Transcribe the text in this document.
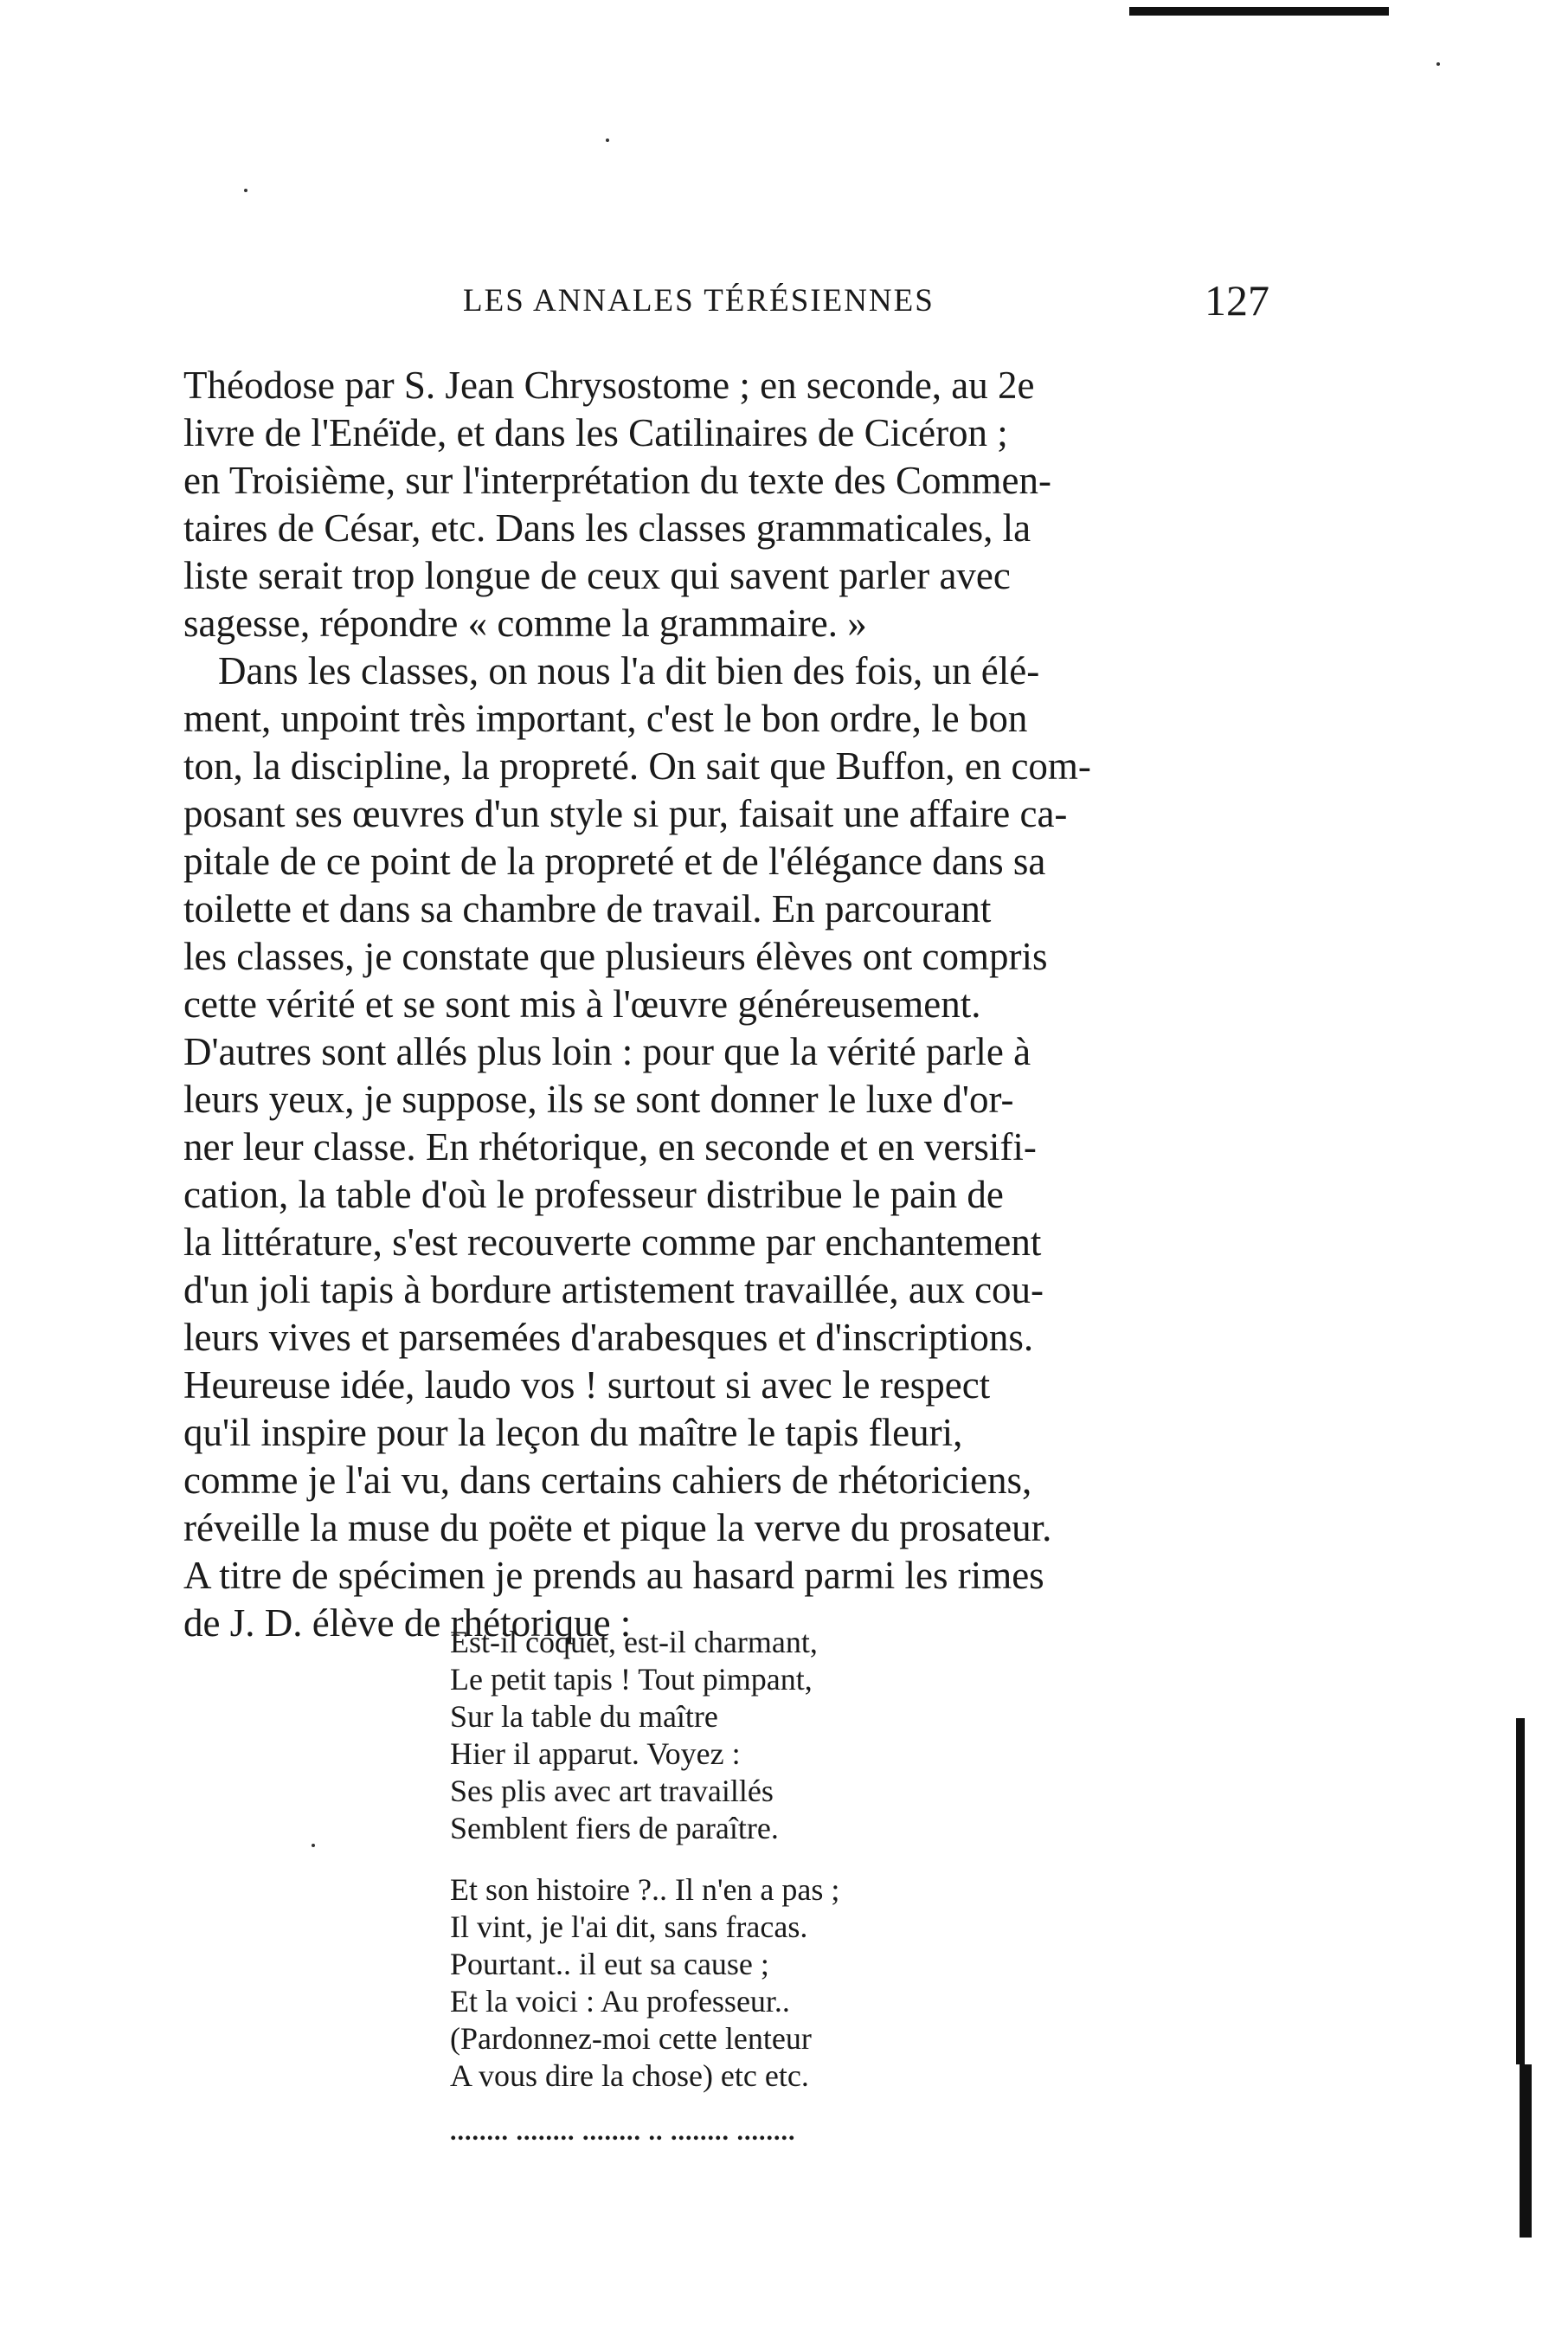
LES ANNALES TÉRÉSIENNES	127
Théodose par S. Jean Chrysostome ; en seconde, au 2e
livre de l'Enéïde, et dans les Catilinaires de Cicéron ;
en Troisième, sur l'interprétation du texte des Commen-
taires de César, etc. Dans les classes grammaticales, la
liste serait trop longue de ceux qui savent parler avec
sagesse, répondre « comme la grammaire. »
Dans les classes, on nous l'a dit bien des fois, un élé-
ment, unpoint très important, c'est le bon ordre, le bon
ton, la discipline, la propreté. On sait que Buffon, en com-
posant ses œuvres d'un style si pur, faisait une affaire ca-
pitale de ce point de la propreté et de l'élégance dans sa
toilette et dans sa chambre de travail. En parcourant
les classes, je constate que plusieurs élèves ont compris
cette vérité et se sont mis à l'œuvre généreusement.
D'autres sont allés plus loin : pour que la vérité parle à
leurs yeux, je suppose, ils se sont donner le luxe d'or-
ner leur classe. En rhétorique, en seconde et en versifi-
cation, la table d'où le professeur distribue le pain de
la littérature, s'est recouverte comme par enchantement
d'un joli tapis à bordure artistement travaillée, aux cou-
leurs vives et parsemées d'arabesques et d'inscriptions.
Heureuse idée, laudo vos ! surtout si avec le respect
qu'il inspire pour la leçon du maître le tapis fleuri,
comme je l'ai vu, dans certains cahiers de rhétoriciens,
réveille la muse du poëte et pique la verve du prosateur.
A titre de spécimen je prends au hasard parmi les rimes
de J. D. élève de rhétorique :
Est-il coquet, est-il charmant,
Le petit tapis ! Tout pimpant,
Sur la table du maître
Hier il apparut. Voyez :
Ses plis avec art travaillés
Semblent fiers de paraître.
Et son histoire ?.. Il n'en a pas ;
Il vint, je l'ai dit, sans fracas.
Pourtant.. il eut sa cause ;
Et la voici : Au professeur..
(Pardonnez-moi cette lenteur
A vous dire la chose) etc etc.
........ ........ ........ .. ........ ........
